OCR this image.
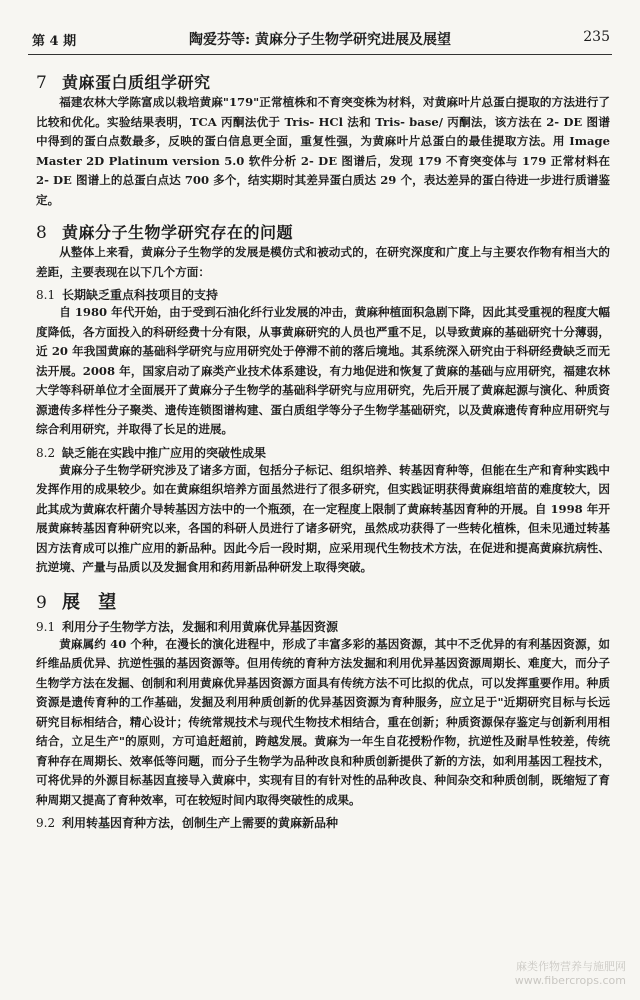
第 4 期	陶爱芬等: 黄麻分子生物学研究进展及展望	235
7 黄麻蛋白质组学研究

福建农林大学陈富成以栽培黄麻"179"正常植株和不育突变株为材料，对黄麻叶片总蛋白提取的方法进行了比较和优化。实验结果表明，TCA 丙酮法优于 Tris- HCl 法和 Tris- base/ 丙酮法，该方法在 2- DE 图谱中得到的蛋白点数最多，反映的蛋白信息更全面，重复性强，为黄麻叶片总蛋白的最佳提取方法。用 Image Master 2D Platinum version 5.0 软件分析 2- DE 图谱后，发现 179 不育突变体与 179 正常材料在 2- DE 图谱上的总蛋白点达 700 多个，结实期时其差异蛋白质达 29 个，表达差异的蛋白待进一步进行质谱鉴定。

8 黄麻分子生物学研究存在的问题

从整体上来看，黄麻分子生物学的发展是模仿式和被动式的，在研究深度和广度上与主要农作物有相当大的差距，主要表现在以下几个方面：

8.1 长期缺乏重点科技项目的支持

自 1980 年代开始，由于受到石油化纤行业发展的冲击，黄麻种植面积急剧下降，因此其受重视的程度大幅度降低，各方面投入的科研经费十分有限，从事黄麻研究的人员也严重不足，以导致黄麻的基础研究十分薄弱，近 20 年我国黄麻的基础科学研究与应用研究处于停滞不前的落后境地。其系统深入研究由于科研经费缺乏而无法开展。2008 年，国家启动了麻类产业技术体系建设，有力地促进和恢复了黄麻的基础与应用研究，福建农林大学等科研单位才全面展开了黄麻分子生物学的基础科学研究与应用研究，先后开展了黄麻起源与演化、种质资源遗传多样性分子聚类、遗传连锁图谱构建、蛋白质组学等分子生物学基础研究，以及黄麻遗传育种应用研究与综合利用研究，并取得了长足的进展。

8.2 缺乏能在实践中推广应用的突破性成果

黄麻分子生物学研究涉及了诸多方面，包括分子标记、组织培养、转基因育种等，但能在生产和育种实践中发挥作用的成果较少。如在黄麻组织培养方面虽然进行了很多研究，但实践证明获得黄麻组培苗的难度较大，因此其成为黄麻农杆菌介导转基因方法中的一个瓶颈，在一定程度上限制了黄麻转基因育种的开展。自 1998 年开展黄麻转基因育种研究以来，各国的科研人员进行了诸多研究，虽然成功获得了一些转化植株，但未见通过转基因方法育成可以推广应用的新品种。因此今后一段时期，应采用现代生物技术方法，在促进和提高黄麻抗病性、抗逆境、产量与品质以及发掘食用和药用新品种研发上取得突破。

9 展 望
9.1 利用分子生物学方法，发掘和利用黄麻优异基因资源

黄麻属约 40 个种，在漫长的演化进程中，形成了丰富多彩的基因资源，其中不乏优异的有利基因资源，如纤维品质优异、抗逆性强的基因资源等。但用传统的育种方法发掘和利用优异基因资源周期长、难度大，而分子生物学方法在发掘、创制和利用黄麻优异基因资源方面具有传统方法不可比拟的优点，可以发挥重要作用。种质资源是遗传育种的工作基础，发掘及利用种质创新的优异基因资源为育种服务，应立足于"近期研究目标与长远研究目标相结合，精心设计；传统常规技术与现代生物技术相结合，重在创新；种质资源保存鉴定与创新利用相结合，立足生产"的原则，方可追赶超前，跨越发展。黄麻为一年生自花授粉作物，抗逆性及耐旱性较差，传统育种存在周期长、效率低等问题，而分子生物学为品种改良和种质创新提供了新的方法，如利用基因工程技术，可将优异的外源目标基因直接导入黄麻中，实现有目的有针对性的品种改良、种间杂交和种质创制，既缩短了育种周期又提高了育种效率，可在较短时间内取得突破性的成果。

9.2 利用转基因育种方法，创制生产上需要的黄麻新品种
麻类作物营养与施肥网
www.fibercrops.com
